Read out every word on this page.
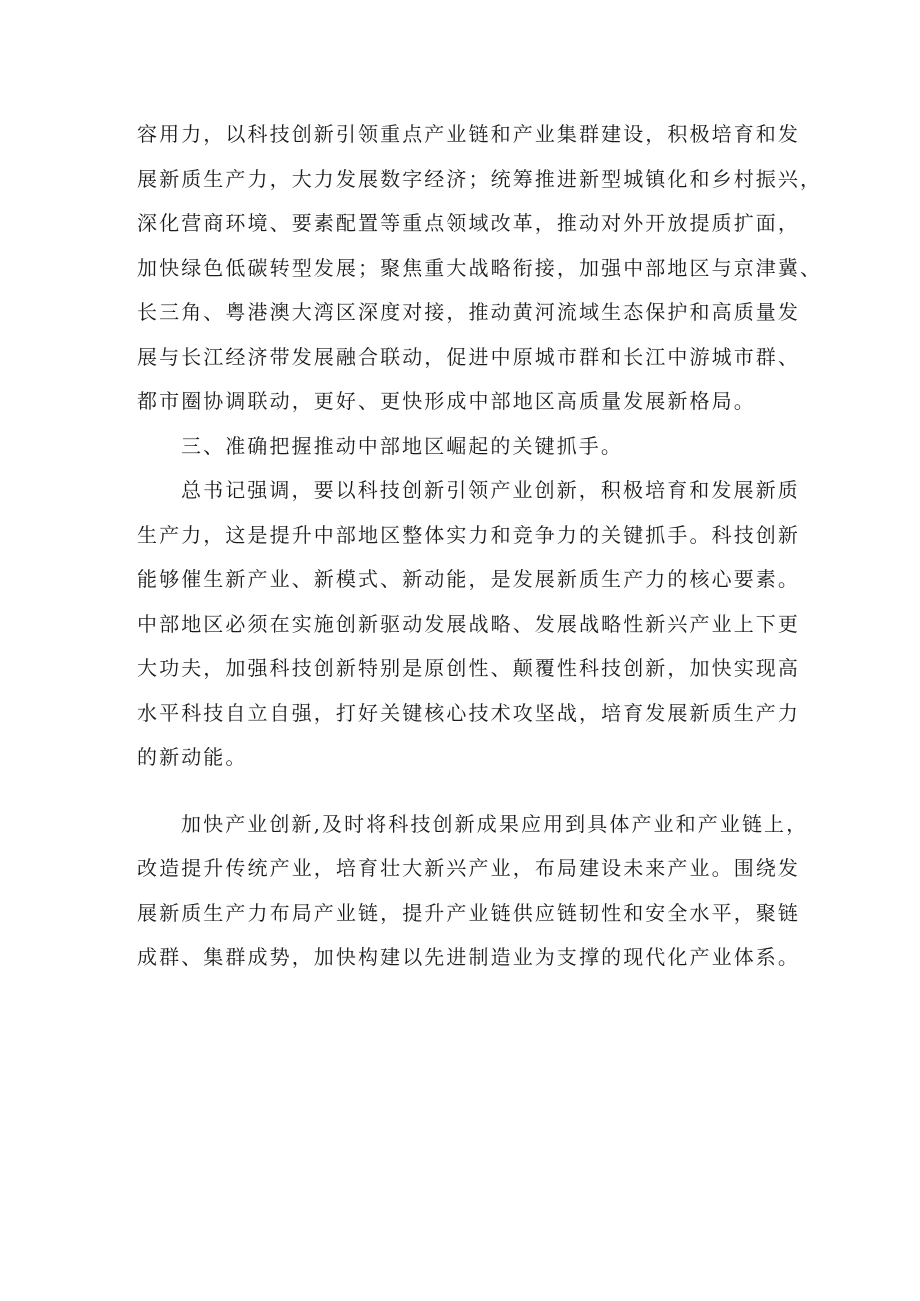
容用力，以科技创新引领重点产业链和产业集群建设，积极培育和发
展新质生产力，大力发展数字经济；统筹推进新型城镇化和乡村振兴，
深化营商环境、要素配置等重点领域改革，推动对外开放提质扩面，
加快绿色低碳转型发展；聚焦重大战略衔接，加强中部地区与京津冀、
长三角、粤港澳大湾区深度对接，推动黄河流域生态保护和高质量发
展与长江经济带发展融合联动，促进中原城市群和长江中游城市群、
都市圈协调联动，更好、更快形成中部地区高质量发展新格局。
三、准确把握推动中部地区崛起的关键抓手。
总书记强调，要以科技创新引领产业创新，积极培育和发展新质
生产力，这是提升中部地区整体实力和竞争力的关键抓手。科技创新
能够催生新产业、新模式、新动能，是发展新质生产力的核心要素。
中部地区必须在实施创新驱动发展战略、发展战略性新兴产业上下更
大功夫，加强科技创新特别是原创性、颠覆性科技创新，加快实现高
水平科技自立自强，打好关键核心技术攻坚战，培育发展新质生产力
的新动能。
加快产业创新,及时将科技创新成果应用到具体产业和产业链上，
改造提升传统产业，培育壮大新兴产业，布局建设未来产业。围绕发
展新质生产力布局产业链，提升产业链供应链韧性和安全水平，聚链
成群、集群成势，加快构建以先进制造业为支撑的现代化产业体系。
